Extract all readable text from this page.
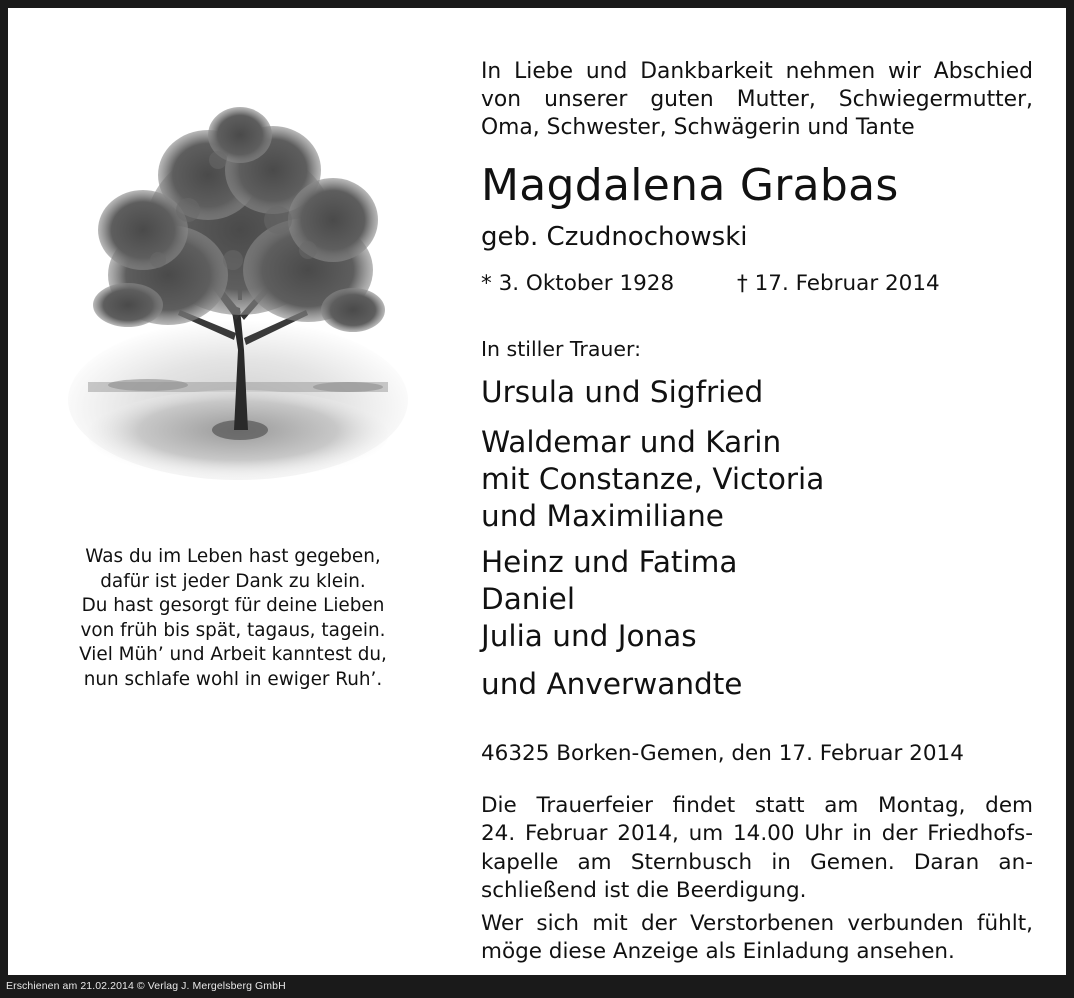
Was du im Leben hast gegeben,
dafür ist jeder Dank zu klein.
Du hast gesorgt für deine Lieben
von früh bis spät, tagaus, tagein.
Viel Müh’ und Arbeit kanntest du,
nun schlafe wohl in ewiger Ruh’.
In Liebe und Dankbarkeit nehmen wir Abschied
von unserer guten Mutter, Schwiegermutter,
Oma, Schwester, Schwägerin und Tante
Magdalena Grabas
geb. Czudnochowski
* 3. Oktober 1928	† 17. Februar 2014
In stiller Trauer:
Ursula und Sigfried
Waldemar und Karin
mit Constanze, Victoria
und Maximiliane
Heinz und Fatima
Daniel
Julia und Jonas
und Anverwandte
46325 Borken-Gemen, den 17. Februar 2014
Die Trauerfeier findet statt am Montag, dem
24. Februar 2014, um 14.00 Uhr in der Friedhofs-
kapelle am Sternbusch in Gemen. Daran an-
schließend ist die Beerdigung.
Wer sich mit der Verstorbenen verbunden fühlt,
möge diese Anzeige als Einladung ansehen.
Erschienen am 21.02.2014 © Verlag J. Mergelsberg GmbH
